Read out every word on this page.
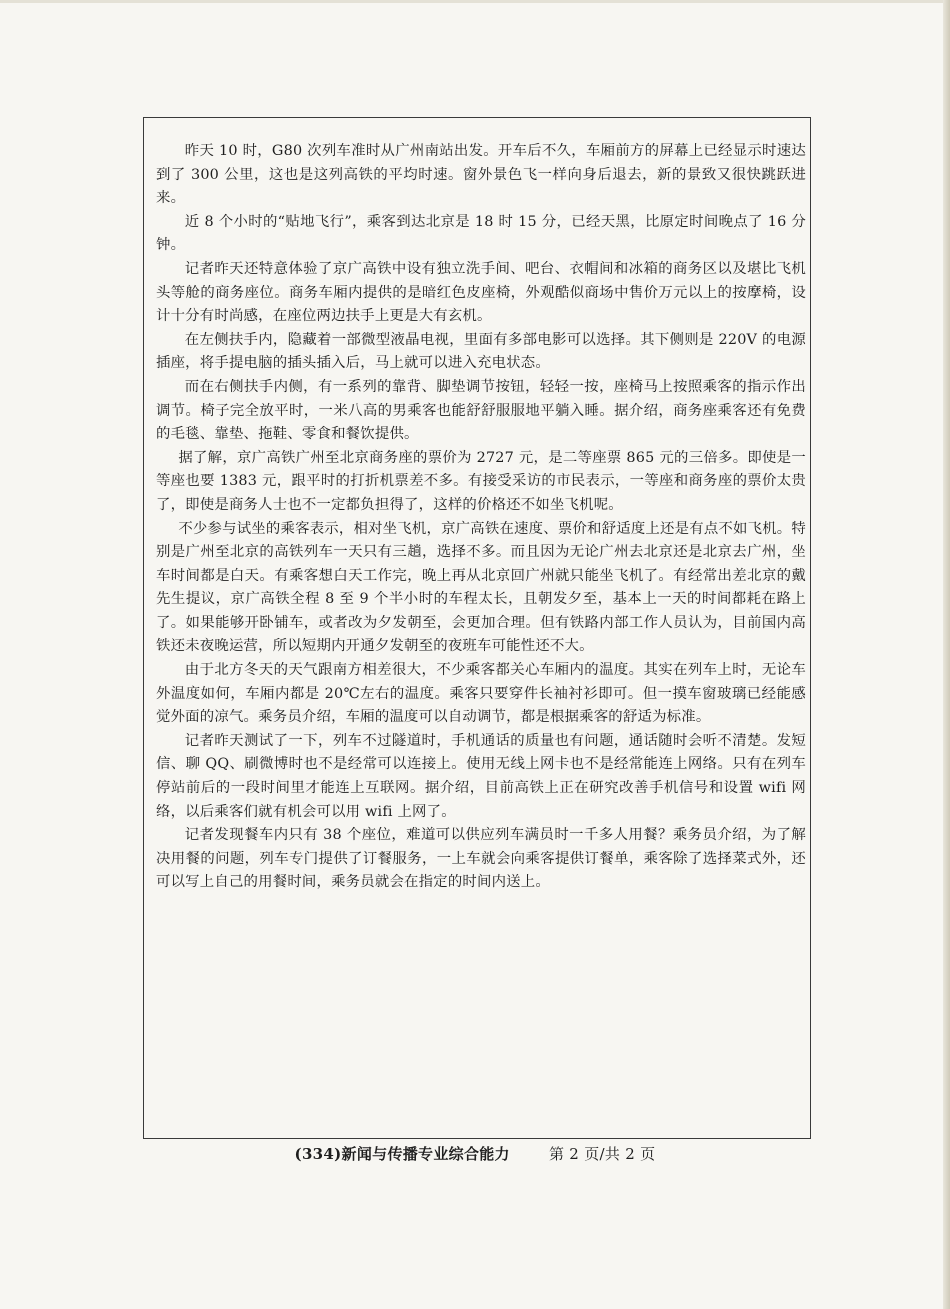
昨天 10 时，G80 次列车准时从广州南站出发。开车后不久，车厢前方的屏幕上已经显示时速达到了 300 公里，这也是这列高铁的平均时速。窗外景色飞一样向身后退去，新的景致又很快跳跃进来。

近 8 个小时的“贴地飞行”，乘客到达北京是 18 时 15 分，已经天黑，比原定时间晚点了 16 分钟。

记者昨天还特意体验了京广高铁中设有独立洗手间、吧台、衣帽间和冰箱的商务区以及堪比飞机头等舱的商务座位。商务车厢内提供的是暗红色皮座椅，外观酷似商场中售价万元以上的按摩椅，设计十分有时尚感，在座位两边扶手上更是大有玄机。

在左侧扶手内，隐藏着一部微型液晶电视，里面有多部电影可以选择。其下侧则是 220V 的电源插座，将手提电脑的插头插入后，马上就可以进入充电状态。

而在右侧扶手内侧，有一系列的靠背、脚垫调节按钮，轻轻一按，座椅马上按照乘客的指示作出调节。椅子完全放平时，一米八高的男乘客也能舒舒服服地平躺入睡。据介绍，商务座乘客还有免费的毛毯、靠垫、拖鞋、零食和餐饮提供。

据了解，京广高铁广州至北京商务座的票价为 2727 元，是二等座票 865 元的三倍多。即使是一等座也要 1383 元，跟平时的打折机票差不多。有接受采访的市民表示，一等座和商务座的票价太贵了，即使是商务人士也不一定都负担得了，这样的价格还不如坐飞机呢。

不少参与试坐的乘客表示，相对坐飞机，京广高铁在速度、票价和舒适度上还是有点不如飞机。特别是广州至北京的高铁列车一天只有三趟，选择不多。而且因为无论广州去北京还是北京去广州，坐车时间都是白天。有乘客想白天工作完，晚上再从北京回广州就只能坐飞机了。有经常出差北京的戴先生提议，京广高铁全程 8 至 9 个半小时的车程太长，且朝发夕至，基本上一天的时间都耗在路上了。如果能够开卧铺车，或者改为夕发朝至，会更加合理。但有铁路内部工作人员认为，目前国内高铁还未夜晚运营，所以短期内开通夕发朝至的夜班车可能性还不大。

由于北方冬天的天气跟南方相差很大，不少乘客都关心车厢内的温度。其实在列车上时，无论车外温度如何，车厢内都是 20℃左右的温度。乘客只要穿件长袖衬衫即可。但一摸车窗玻璃已经能感觉外面的凉气。乘务员介绍，车厢的温度可以自动调节，都是根据乘客的舒适为标准。

记者昨天测试了一下，列车不过隧道时，手机通话的质量也有问题，通话随时会听不清楚。发短信、聊 QQ、刷微博时也不是经常可以连接上。使用无线上网卡也不是经常能连上网络。只有在列车停站前后的一段时间里才能连上互联网。据介绍，目前高铁上正在研究改善手机信号和设置 wifi 网络，以后乘客们就有机会可以用 wifi 上网了。

记者发现餐车内只有 38 个座位，难道可以供应列车满员时一千多人用餐？乘务员介绍，为了解决用餐的问题，列车专门提供了订餐服务，一上车就会向乘客提供订餐单，乘客除了选择菜式外，还可以写上自己的用餐时间，乘务员就会在指定的时间内送上。

(334)新闻与传播专业综合能力	第 2 页/共 2 页
